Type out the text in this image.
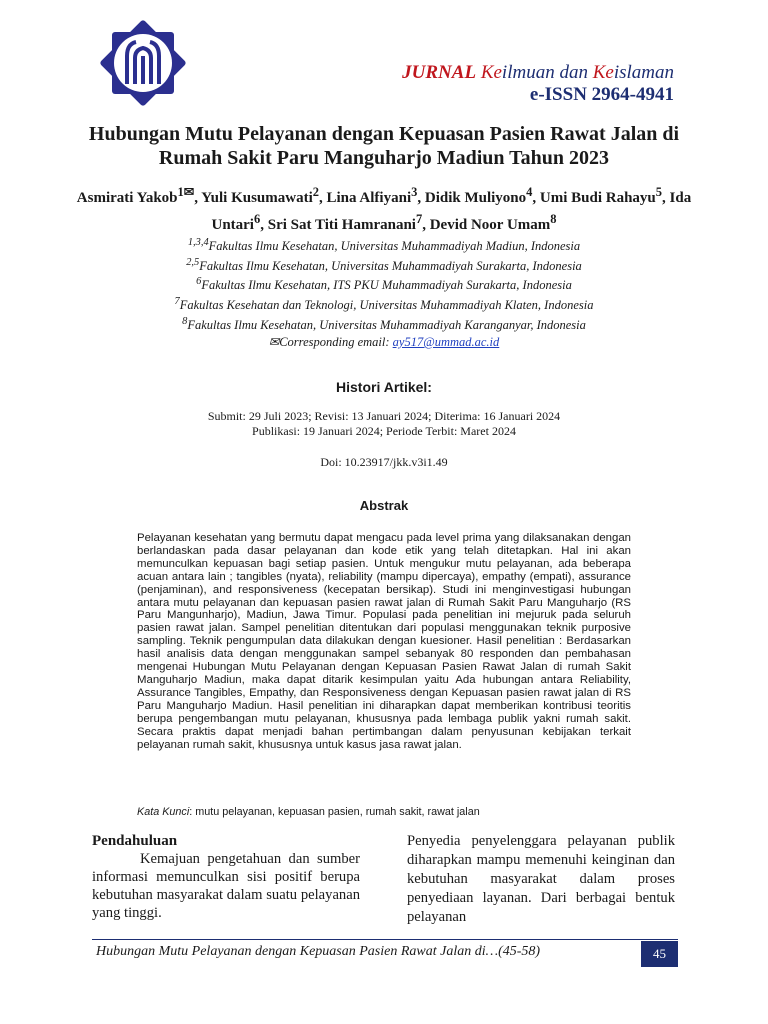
JURNAL Keilmuan dan Keislaman
e-ISSN 2964-4941
Hubungan Mutu Pelayanan dengan Kepuasan Pasien Rawat Jalan di Rumah Sakit Paru Manguharjo Madiun Tahun 2023
Asmirati Yakob$^{1✉}$, Yuli Kusumawati$^2$, Lina Alfiyani$^3$, Didik Muliyono$^4$, Umi Budi Rahayu$^5$, Ida Untari$^6$, Sri Sat Titi Hamranani$^7$, Devid Noor Umam$^8$
$^{1,3,4}$Fakultas Ilmu Kesehatan, Universitas Muhammadiyah Madiun, Indonesia
$^{2,5}$Fakultas Ilmu Kesehatan, Universitas Muhammadiyah Surakarta, Indonesia
$^6$Fakultas Ilmu Kesehatan, ITS PKU Muhammadiyah Surakarta, Indonesia
$^7$Fakultas Kesehatan dan Teknologi, Universitas Muhammadiyah Klaten, Indonesia
$^8$Fakultas Ilmu Kesehatan, Universitas Muhammadiyah Karanganyar, Indonesia
✉Corresponding email: ay517@ummad.ac.id
Histori Artikel:
Submit: 29 Juli 2023; Revisi: 13 Januari 2024; Diterima: 16 Januari 2024
Publikasi: 19 Januari 2024; Periode Terbit: Maret 2024
Doi: 10.23917/jkk.v3i1.49
Abstrak

Pelayanan kesehatan yang bermutu dapat mengacu pada level prima yang dilaksanakan dengan berlandaskan pada dasar pelayanan dan kode etik yang telah ditetapkan. Hal ini akan memunculkan kepuasan bagi setiap pasien. Untuk mengukur mutu pelayanan, ada beberapa acuan antara lain ; tangibles (nyata), reliability (mampu dipercaya), empathy (empati), assurance (penjaminan), and responsiveness (kecepatan bersikap). Studi ini menginvestigasi hubungan antara mutu pelayanan dan kepuasan pasien rawat jalan di Rumah Sakit Paru Manguharjo (RS Paru Mangunharjo), Madiun, Jawa Timur. Populasi pada penelitian ini mejuruk pada seluruh pasien rawat jalan. Sampel penelitian ditentukan dari populasi menggunakan teknik purposive sampling. Teknik pengumpulan data dilakukan dengan kuesioner. Hasil penelitian : Berdasarkan hasil analisis data dengan menggunakan sampel sebanyak 80 responden dan pembahasan mengenai Hubungan Mutu Pelayanan dengan Kepuasan Pasien Rawat Jalan di rumah Sakit Manguharjo Madiun, maka dapat ditarik kesimpulan yaitu Ada hubungan antara Reliability, Assurance Tangibles, Empathy, dan Responsiveness dengan Kepuasan pasien rawat jalan di RS Paru Manguharjo Madiun. Hasil penelitian ini diharapkan dapat memberikan kontribusi teoritis berupa pengembangan mutu pelayanan, khususnya pada lembaga publik yakni rumah sakit. Secara praktis dapat menjadi bahan pertimbangan dalam penyusunan kebijakan terkait pelayanan rumah sakit, khususnya untuk kasus jasa rawat jalan.

Kata Kunci: mutu pelayanan, kepuasan pasien, rumah sakit, rawat jalan
Pendahuluan

Kemajuan pengetahuan dan sumber informasi memunculkan sisi positif berupa kebutuhan masyarakat dalam suatu pelayanan yang tinggi.

Penyedia penyelenggara pelayanan publik diharapkan mampu memenuhi keinginan dan kebutuhan masyarakat dalam proses penyediaan layanan. Dari berbagai bentuk pelayanan

Hubungan Mutu Pelayanan dengan Kepuasan Pasien Rawat Jalan di…(45-58)	45
